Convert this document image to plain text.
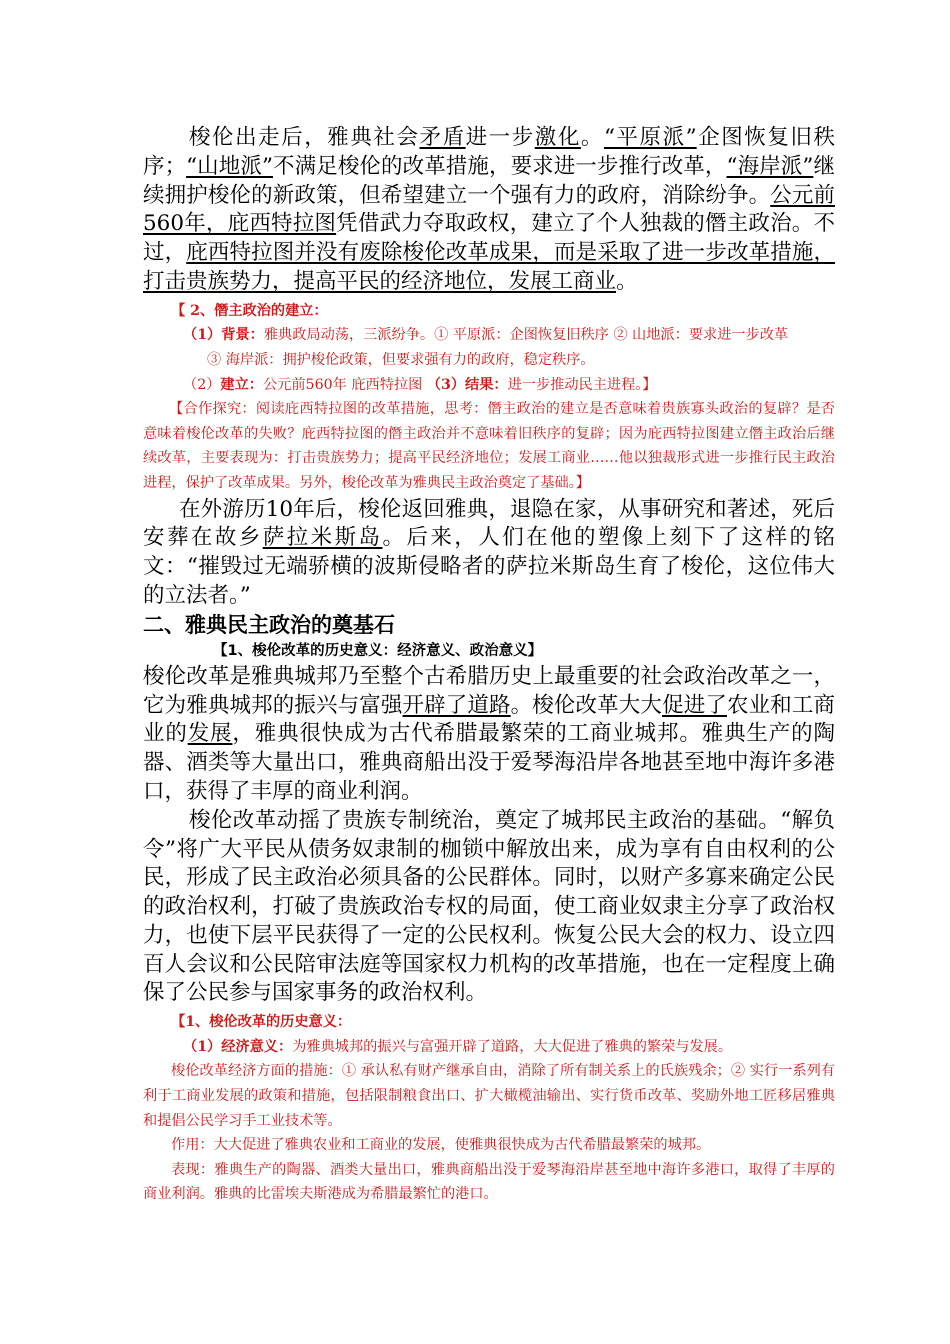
梭伦出走后，雅典社会矛盾进一步激化。“平原派”企图恢复旧秩序；“山地派”不满足梭伦的改革措施，要求进一步推行改革，“海岸派”继续拥护梭伦的新政策，但希望建立一个强有力的政府，消除纷争。公元前560年，庇西特拉图凭借武力夺取政权，建立了个人独裁的僭主政治。不过，庇西特拉图并没有废除梭伦改革成果，而是采取了进一步改革措施，打击贵族势力，提高平民的经济地位，发展工商业。

【 2、僭主政治的建立：

（1）背景：雅典政局动荡，三派纷争。① 平原派：企图恢复旧秩序 ② 山地派：要求进一步改革

③ 海岸派：拥护梭伦政策，但要求强有力的政府，稳定秩序。

（2）建立：公元前560年 庇西特拉图 （3）结果：进一步推动民主进程。】

【合作探究：阅读庇西特拉图的改革措施，思考：僭主政治的建立是否意味着贵族寡头政治的复辟？是否意味着梭伦改革的失败？庇西特拉图的僭主政治并不意味着旧秩序的复辟；因为庇西特拉图建立僭主政治后继续改革，主要表现为：打击贵族势力；提高平民经济地位；发展工商业……他以独裁形式进一步推行民主政治进程，保护了改革成果。另外，梭伦改革为雅典民主政治奠定了基础。】

在外游历10年后，梭伦返回雅典，退隐在家，从事研究和著述，死后安葬在故乡萨拉米斯岛。后来，人们在他的塑像上刻下了这样的铭文：“摧毁过无端骄横的波斯侵略者的萨拉米斯岛生育了梭伦，这位伟大的立法者。”

二、雅典民主政治的奠基石

【1、梭伦改革的历史意义：经济意义、政治意义】

梭伦改革是雅典城邦乃至整个古希腊历史上最重要的社会政治改革之一，它为雅典城邦的振兴与富强开辟了道路。梭伦改革大大促进了农业和工商业的发展，雅典很快成为古代希腊最繁荣的工商业城邦。雅典生产的陶器、酒类等大量出口，雅典商船出没于爱琴海沿岸各地甚至地中海许多港口，获得了丰厚的商业利润。

梭伦改革动摇了贵族专制统治，奠定了城邦民主政治的基础。“解负令”将广大平民从债务奴隶制的枷锁中解放出来，成为享有自由权利的公民，形成了民主政治必须具备的公民群体。同时，以财产多寡来确定公民的政治权利，打破了贵族政治专权的局面，使工商业奴隶主分享了政治权力，也使下层平民获得了一定的公民权利。恢复公民大会的权力、设立四百人会议和公民陪审法庭等国家权力机构的改革措施，也在一定程度上确保了公民参与国家事务的政治权利。

【1、梭伦改革的历史意义：

（1）经济意义：为雅典城邦的振兴与富强开辟了道路，大大促进了雅典的繁荣与发展。

梭伦改革经济方面的措施：① 承认私有财产继承自由，消除了所有制关系上的氏族残余；② 实行一系列有利于工商业发展的政策和措施，包括限制粮食出口、扩大橄榄油输出、实行货币改革、奖励外地工匠移居雅典和提倡公民学习手工业技术等。

作用：大大促进了雅典农业和工商业的发展，使雅典很快成为古代希腊最繁荣的城邦。

表现：雅典生产的陶器、酒类大量出口，雅典商船出没于爱琴海沿岸甚至地中海许多港口，取得了丰厚的商业利润。雅典的比雷埃夫斯港成为希腊最繁忙的港口。
